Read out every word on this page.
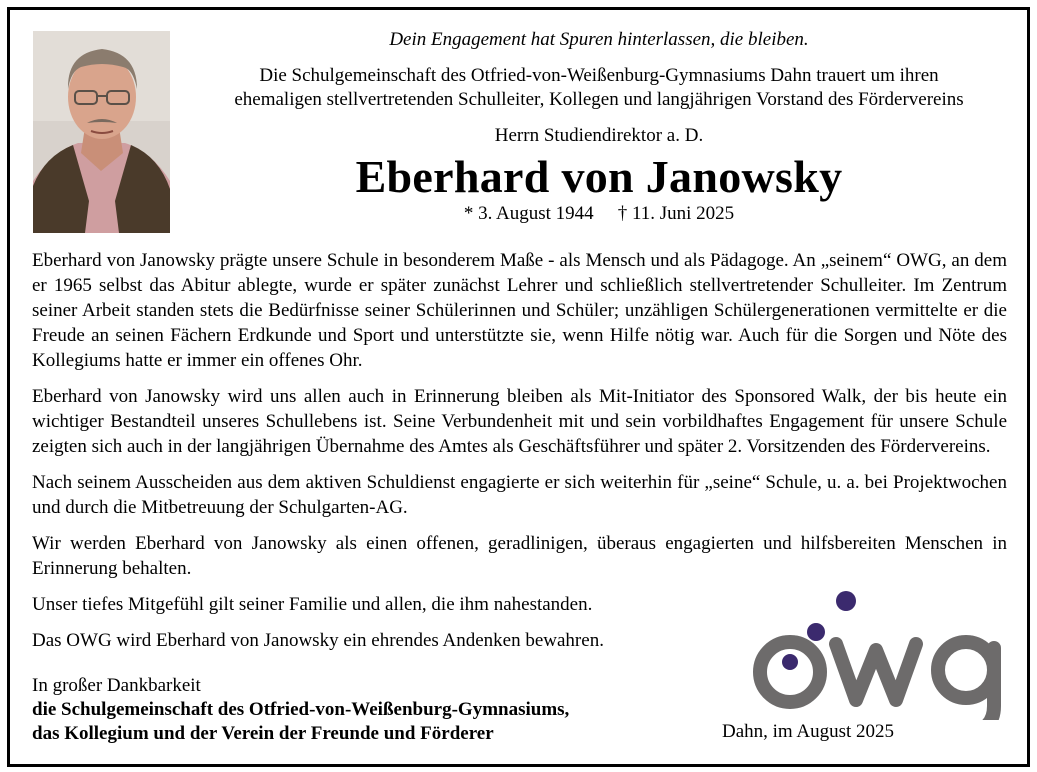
Dein Engagement hat Spuren hinterlassen, die bleiben.
Die Schulgemeinschaft des Otfried-von-Weißenburg-Gymnasiums Dahn trauert um ihren
ehemaligen stellvertretenden Schulleiter, Kollegen und langjährigen Vorstand des Fördervereins
Herrn Studiendirektor a. D.
Eberhard von Janowsky
* 3. August 1944 † 11. Juni 2025

Eberhard von Janowsky prägte unsere Schule in besonderem Maße - als Mensch und als Pädagoge. An „seinem“ OWG, an dem er 1965 selbst das Abitur ablegte, wurde er später zunächst Lehrer und schließlich stellvertretender Schulleiter. Im Zentrum seiner Arbeit standen stets die Bedürfnisse seiner Schülerinnen und Schüler; unzähligen Schülergenerationen vermittelte er die Freude an seinen Fächern Erdkunde und Sport und unterstützte sie, wenn Hilfe nötig war. Auch für die Sorgen und Nöte des Kollegiums hatte er immer ein offenes Ohr.

Eberhard von Janowsky wird uns allen auch in Erinnerung bleiben als Mit-Initiator des Sponsored Walk, der bis heute ein wichtiger Bestandteil unseres Schullebens ist. Seine Verbundenheit mit und sein vorbildhaftes Engagement für unsere Schule zeigten sich auch in der langjährigen Übernahme des Amtes als Geschäftsführer und später 2. Vorsitzenden des Fördervereins.

Nach seinem Ausscheiden aus dem aktiven Schuldienst engagierte er sich weiterhin für „seine“ Schule, u. a. bei Projektwochen und durch die Mitbetreuung der Schulgarten-AG.

Wir werden Eberhard von Janowsky als einen offenen, geradlinigen, überaus engagierten und hilfsbereiten Menschen in Erinnerung behalten.

Unser tiefes Mitgefühl gilt seiner Familie und allen, die ihm nahestanden.

Das OWG wird Eberhard von Janowsky ein ehrendes Andenken bewahren.

In großer Dankbarkeit
die Schulgemeinschaft des Otfried-von-Weißenburg-Gymnasiums,
das Kollegium und der Verein der Freunde und Förderer	Dahn, im August 2025
